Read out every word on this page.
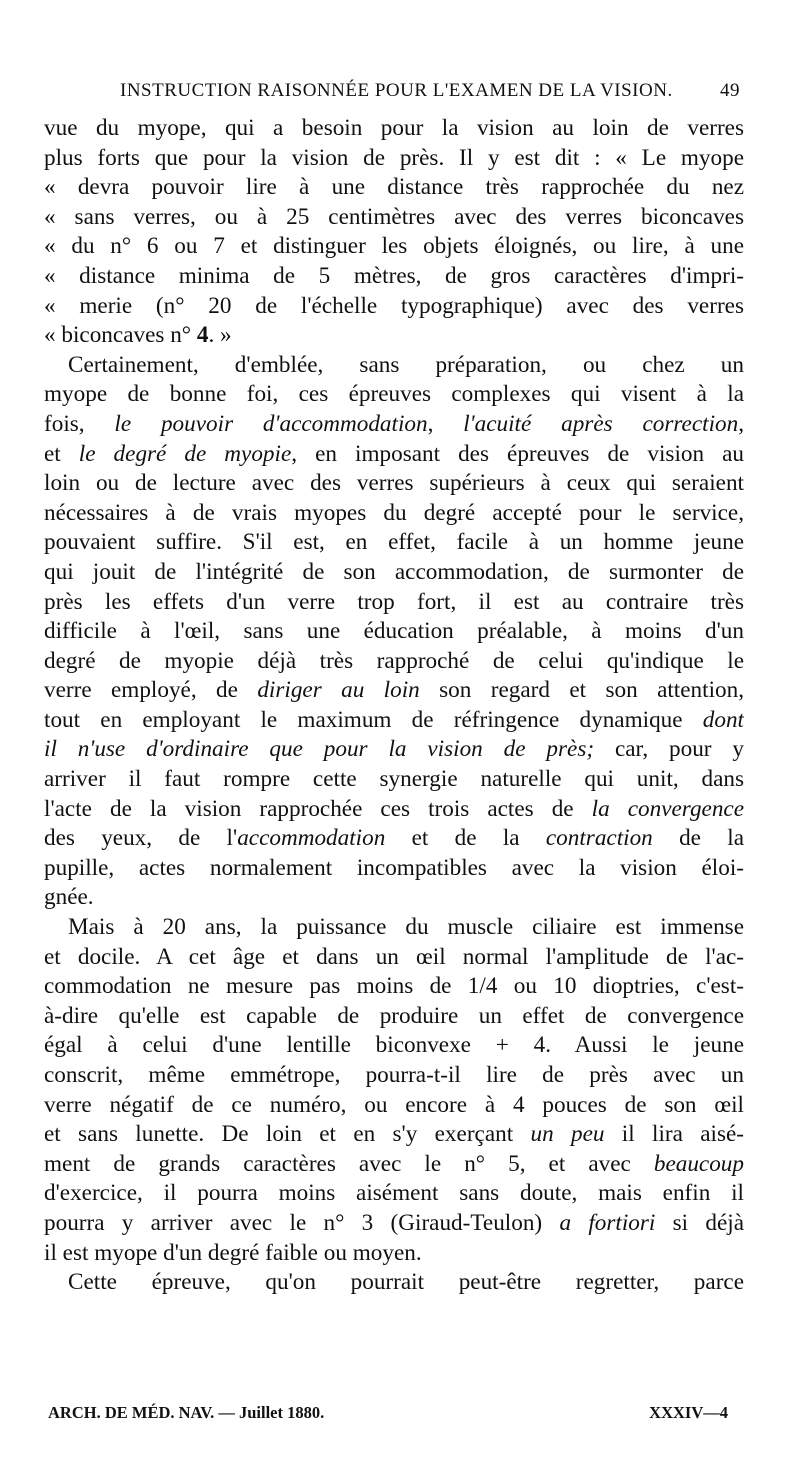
INSTRUCTION RAISONNÉE POUR L'EXAMEN DE LA VISION. 49
vue du myope, qui a besoin pour la vision au loin de verres
plus forts que pour la vision de près. Il y est dit : « Le myope
« devra pouvoir lire à une distance très rapprochée du nez
« sans verres, ou à 25 centimètres avec des verres biconcaves
« du n° 6 ou 7 et distinguer les objets éloignés, ou lire, à une
« distance minima de 5 mètres, de gros caractères d'impri-
« merie (n° 20 de l'échelle typographique) avec des verres
« biconcaves n° 4. »
Certainement, d'emblée, sans préparation, ou chez un
myope de bonne foi, ces épreuves complexes qui visent à la
fois, le pouvoir d'accommodation, l'acuité après correction,
et le degré de myopie, en imposant des épreuves de vision au
loin ou de lecture avec des verres supérieurs à ceux qui seraient
nécessaires à de vrais myopes du degré accepté pour le service,
pouvaient suffire. S'il est, en effet, facile à un homme jeune
qui jouit de l'intégrité de son accommodation, de surmonter de
près les effets d'un verre trop fort, il est au contraire très
difficile à l'œil, sans une éducation préalable, à moins d'un
degré de myopie déjà très rapproché de celui qu'indique le
verre employé, de diriger au loin son regard et son attention,
tout en employant le maximum de réfringence dynamique dont
il n'use d'ordinaire que pour la vision de près; car, pour y
arriver il faut rompre cette synergie naturelle qui unit, dans
l'acte de la vision rapprochée ces trois actes de la convergence
des yeux, de l'accommodation et de la contraction de la
pupille, actes normalement incompatibles avec la vision éloi-
gnée.
Mais à 20 ans, la puissance du muscle ciliaire est immense
et docile. A cet âge et dans un œil normal l'amplitude de l'ac-
commodation ne mesure pas moins de 1/4 ou 10 dioptries, c'est-
à-dire qu'elle est capable de produire un effet de convergence
égal à celui d'une lentille biconvexe + 4. Aussi le jeune
conscrit, même emmétrope, pourra-t-il lire de près avec un
verre négatif de ce numéro, ou encore à 4 pouces de son œil
et sans lunette. De loin et en s'y exerçant un peu il lira aisé-
ment de grands caractères avec le n° 5, et avec beaucoup
d'exercice, il pourra moins aisément sans doute, mais enfin il
pourra y arriver avec le n° 3 (Giraud-Teulon) a fortiori si déjà
il est myope d'un degré faible ou moyen.
Cette épreuve, qu'on pourrait peut-être regretter, parce
ARCH. DE MÉD. NAV. — Juillet 1880.	XXXIV—4
